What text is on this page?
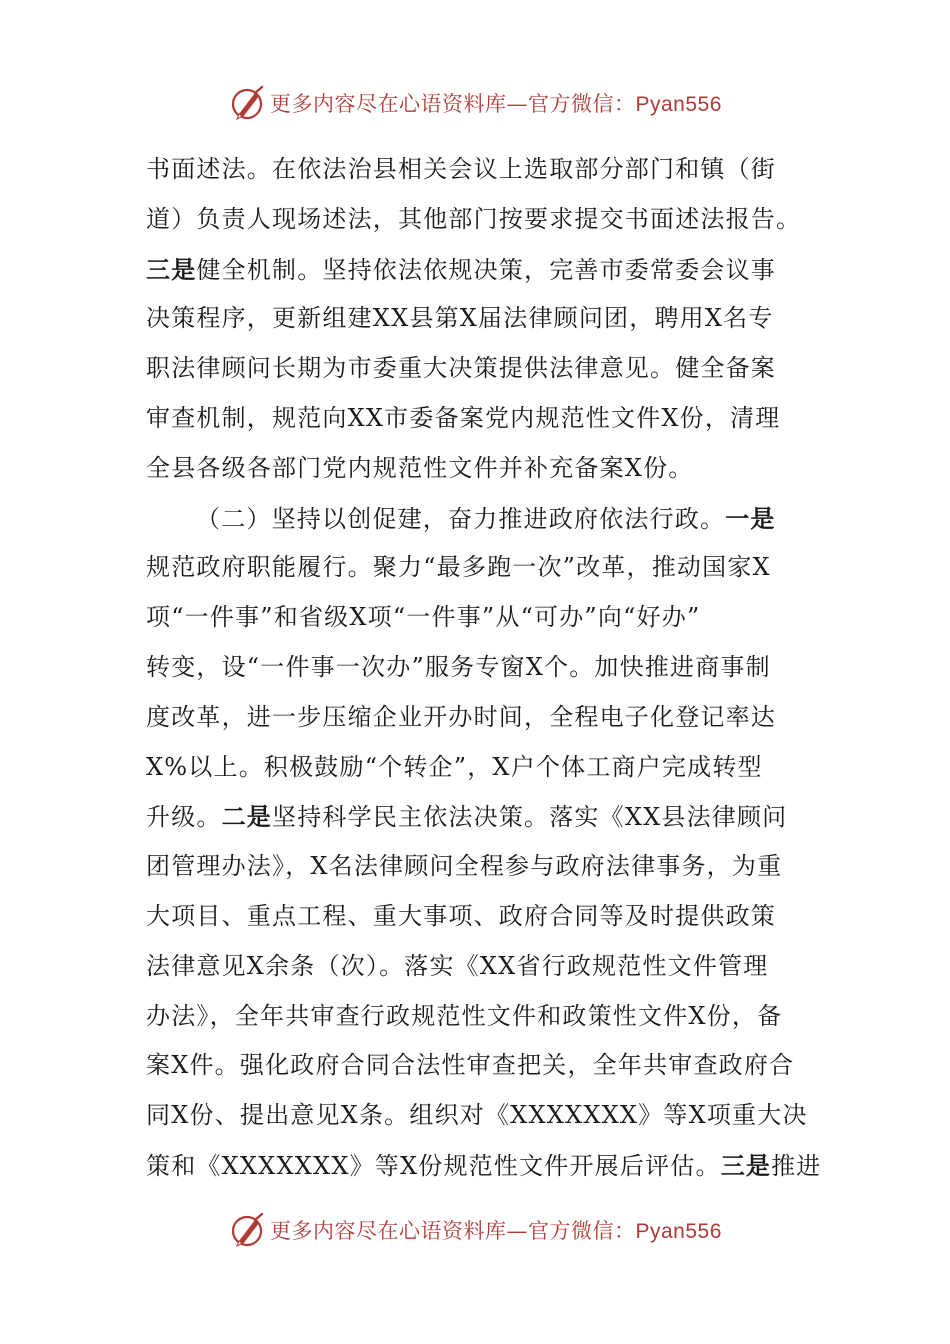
更多内容尽在心语资料库—官方微信：Pyan556
书面述法。在依法治县相关会议上选取部分部门和镇（街
道）负责人现场述法，其他部门按要求提交书面述法报告。
三是健全机制。坚持依法依规决策，完善市委常委会议事
决策程序，更新组建XX县第X届法律顾问团，聘用X名专
职法律顾问长期为市委重大决策提供法律意见。健全备案
审查机制，规范向XX市委备案党内规范性文件X份，清理
全县各级各部门党内规范性文件并补充备案X份。
（二）坚持以创促建，奋力推进政府依法行政。一是
规范政府职能履行。聚力“最多跑一次”改革，推动国家X
项“一件事”和省级X项“一件事”从“可办”向“好办”
转变，设“一件事一次办”服务专窗X个。加快推进商事制
度改革，进一步压缩企业开办时间，全程电子化登记率达
X%以上。积极鼓励“个转企”，X户个体工商户完成转型
升级。二是坚持科学民主依法决策。落实《XX县法律顾问
团管理办法》，X名法律顾问全程参与政府法律事务，为重
大项目、重点工程、重大事项、政府合同等及时提供政策
法律意见X余条（次）。落实《XX省行政规范性文件管理
办法》，全年共审查行政规范性文件和政策性文件X份，备
案X件。强化政府合同合法性审查把关，全年共审查政府合
同X份、提出意见X条。组织对《XXXXXXX》等X项重大决
策和《XXXXXXX》等X份规范性文件开展后评估。三是推进
更多内容尽在心语资料库—官方微信：Pyan556
